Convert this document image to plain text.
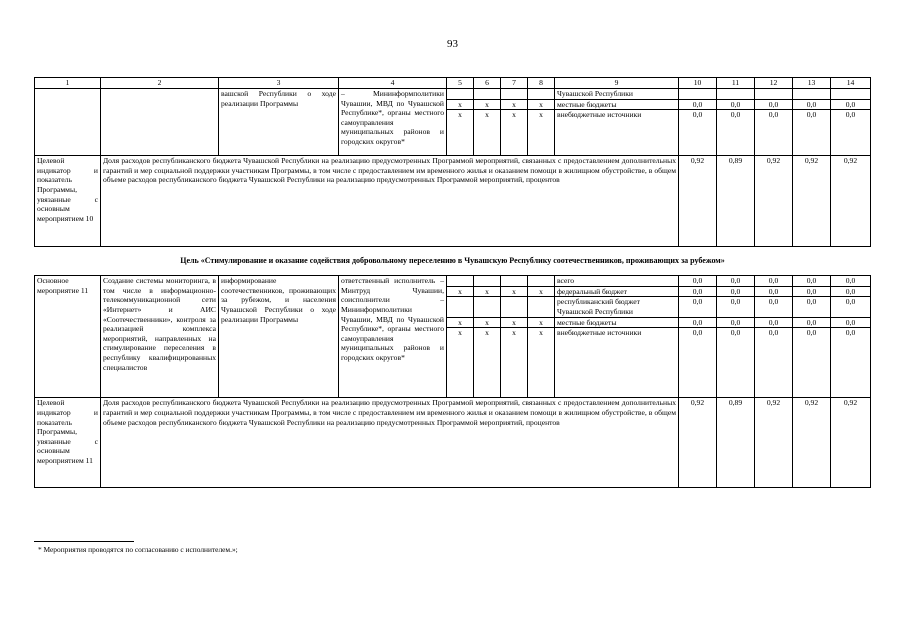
93
1	2	3	4	5	6	7	8	9	10	11	12	13	14
		вашской Республики о ходе реализации Программы	– Мининформполитики Чувашии, МВД по Чувашской Республике*, органы местного самоуправления муниципальных районов и городских округов*					Чувашской Республики					
				x	x	x	x	местные бюджеты	0,0	0,0	0,0	0,0	0,0
				x	x	x	x	внебюджетные источники	0,0	0,0	0,0	0,0	0,0

Целевой индикатор и показатель Программы, увязанные с основным мероприятием 10	Доля расходов республиканского бюджета Чувашской Республики на реализацию предусмотренных Программой мероприятий, связанных с предоставлением дополнительных гарантий и мер социальной поддержки участникам Программы, в том числе с предоставлением им временного жилья и оказанием помощи в жилищном обустройстве, в общем объеме расходов республиканского бюджета Чувашской Республики на реализацию предусмотренных Программой мероприятий, процентов								0,92	0,89	0,92	0,92	0,92
Цель «Стимулирование и оказание содействия добровольному переселению в Чувашскую Республику соотечественников, проживающих за рубежом»													
Основное мероприятие 11	Создание системы мониторинга, в том числе в информационно-телекоммуникационной сети «Интернет» и АИС «Соотечественники», контроля за реализацией комплекса мероприятий, направленных на стимулирование переселения в республику квалифицированных специалистов	информирование соотечественников, проживающих за рубежом, и населения Чувашской Республики о ходе реализации Программы	ответственный исполнитель – Минтруд Чувашии, соисполнители – Мининформполитики Чувашии, МВД по Чувашской Республике*, органы местного самоуправления муниципальных районов и городских округов*					всего	0,0	0,0	0,0	0,0	0,0
				x	x	x	x	федеральный бюджет	0,0	0,0	0,0	0,0	0,0
								республиканский бюджет Чувашской Республики	0,0	0,0	0,0	0,0	0,0
				x	x	x	x	местные бюджеты	0,0	0,0	0,0	0,0	0,0
				x	x	x	x	внебюджетные источники	0,0	0,0	0,0	0,0	0,0

Целевой индикатор и показатель Программы, увязанные с основным мероприятием 11	Доля расходов республиканского бюджета Чувашской Республики на реализацию предусмотренных Программой мероприятий, связанных с предоставлением дополнительных гарантий и мер социальной поддержки участникам Программы, в том числе с предоставлением им временного жилья и оказанием помощи в жилищном обустройстве, в общем объеме расходов республиканского бюджета Чувашской Республики на реализацию предусмотренных Программой мероприятий, процентов								0,92	0,89	0,92	0,92	0,92
* Мероприятия проводятся по согласованию с исполнителем.»;
